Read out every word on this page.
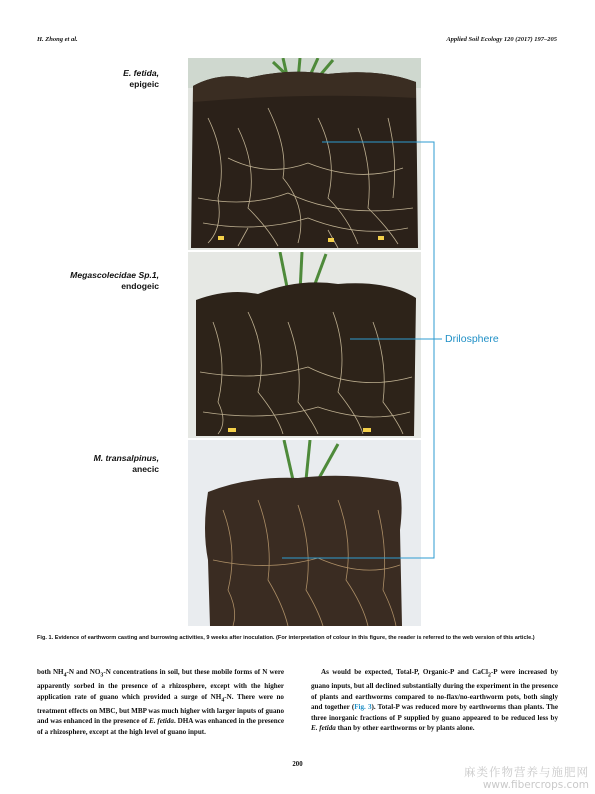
H. Zhong et al.	Applied Soil Ecology 120 (2017) 197–205
E. fetida,
epigeic
Megascolecidae Sp.1,
endogeic
M. transalpinus,
anecic
Drilosphere
Fig. 1. Evidence of earthworm casting and burrowing activities, 9 weeks after inoculation. (For interpretation of colour in this figure, the reader is referred to the web version of this article.)
both $NH_4-N$ and $NO_3-N$ concentrations in soil, but these mobile forms of N were apparently sorbed in the presence of a rhizosphere, except with the higher application rate of guano which provided a surge of $NH_4-N$. There were no treatment effects on MBC, but MBP was much higher with larger inputs of guano and was enhanced in the presence of E. fetida. DHA was enhanced in the presence of a rhizosphere, except at the high level of guano input.
As would be expected, Total-P, Organic-P and CaCl$_2$-P were increased by guano inputs, but all declined substantially during the experiment in the presence of plants and earthworms compared to no-flax/no-earthworm pots, both singly and together (Fig. 3). Total-P was reduced more by earthworms than plants. The three inorganic fractions of P supplied by guano appeared to be reduced less by E. fetida than by other earthworms or by plants alone.
200
麻类作物营养与施肥网
www.fibercrops.com
